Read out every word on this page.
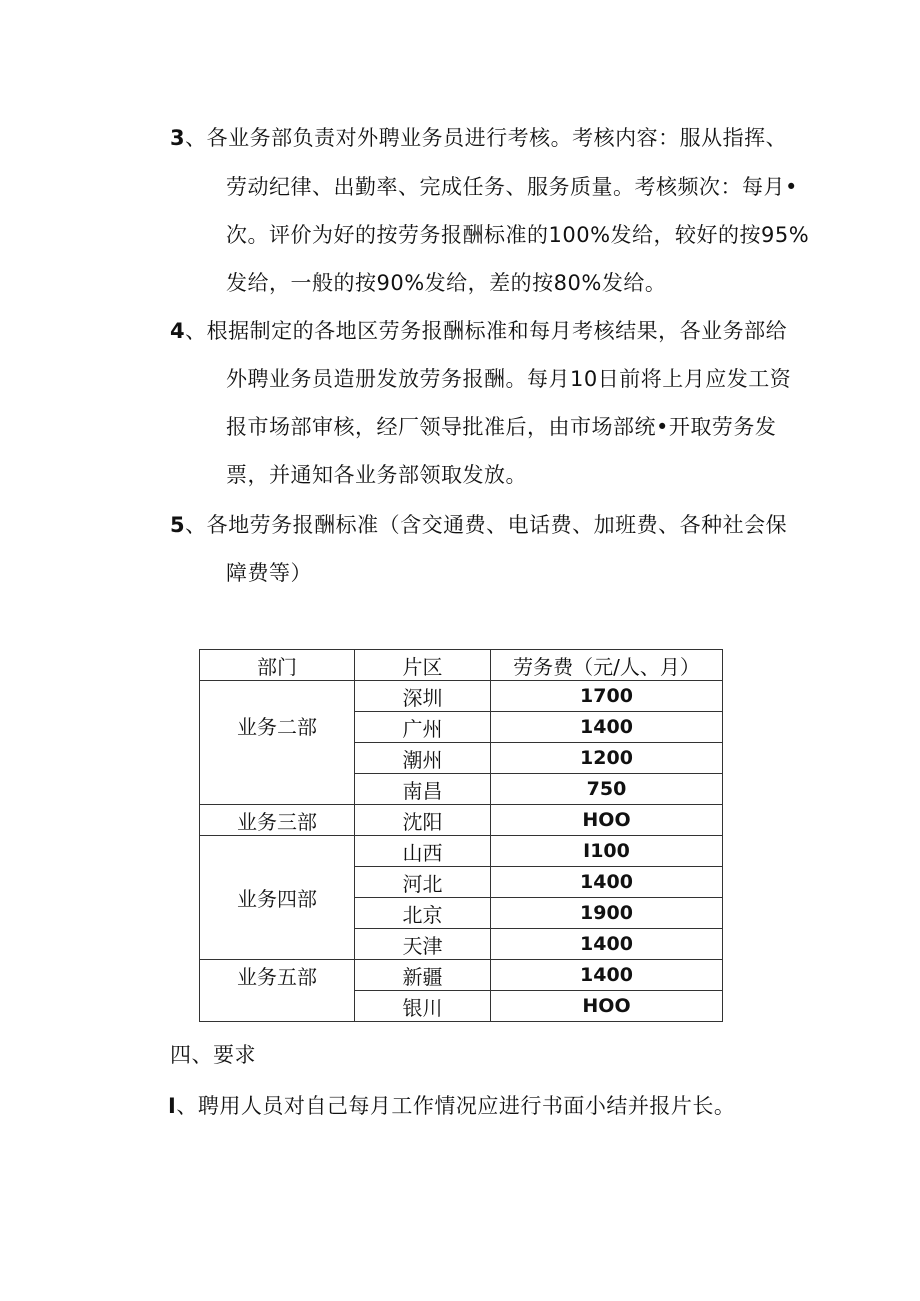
3、各业务部负责对外聘业务员进行考核。考核内容：服从指挥、
劳动纪律、出勤率、完成任务、服务质量。考核频次：每月•
次。评价为好的按劳务报酬标准的100%发给，较好的按95%
发给，一般的按90%发给，差的按80%发给。
4、根据制定的各地区劳务报酬标准和每月考核结果，各业务部给
外聘业务员造册发放劳务报酬。每月10日前将上月应发工资
报市场部审核，经厂领导批准后，由市场部统•开取劳务发
票，并通知各业务部领取发放。
5、各地劳务报酬标准（含交通费、电话费、加班费、各种社会保
障费等）
部门	片区	劳务费（元/人、月）
业务二部	深圳	1700
	广州	1400
	潮州	1200
	南昌	750
业务三部	沈阳	HOO
业务四部	山西	I100
	河北	1400
	北京	1900
	天津	1400
业务五部	新疆	1400
	银川	HOO
四、要求
I、聘用人员对自己每月工作情况应进行书面小结并报片长。
